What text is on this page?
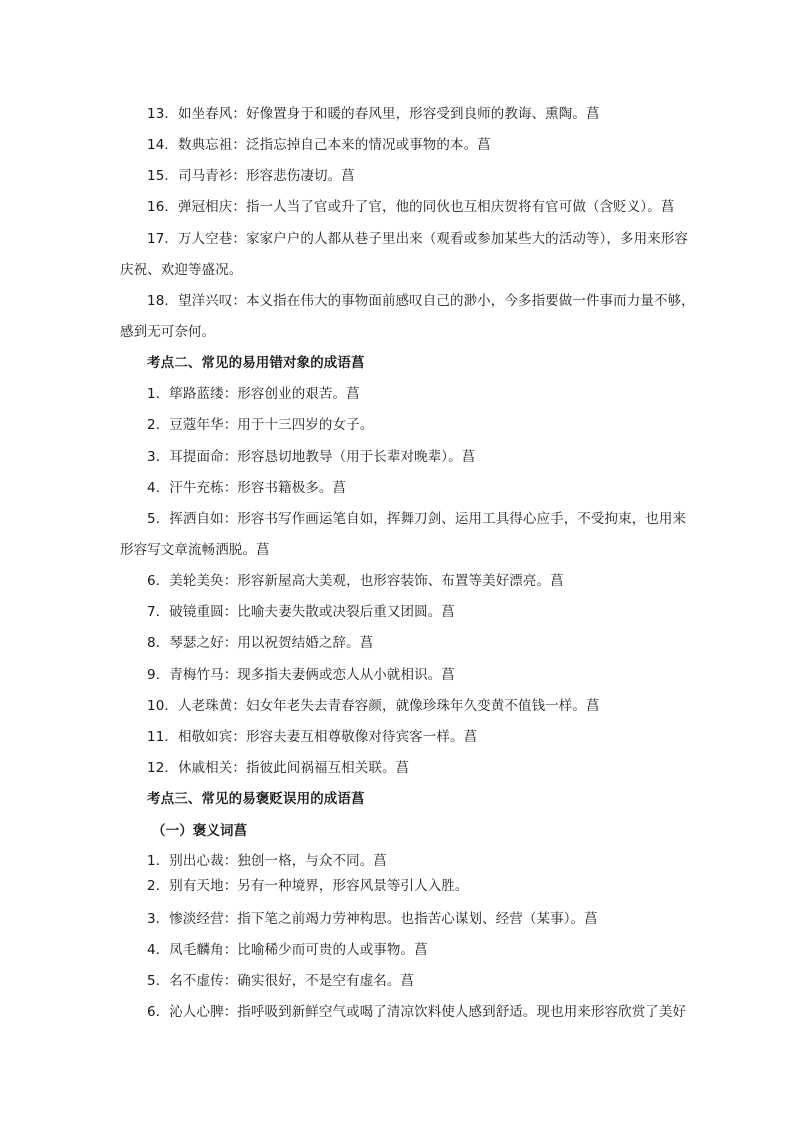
13．如坐春风：好像置身于和暖的春风里，形容受到良师的教诲、熏陶。菖
14．数典忘祖：泛指忘掉自己本来的情况或事物的本。菖
15．司马青衫：形容悲伤凄切。菖
16．弹冠相庆：指一人当了官或升了官，他的同伙也互相庆贺将有官可做（含贬义）。菖
17．万人空巷：家家户户的人都从巷子里出来（观看或参加某些大的活动等），多用来形容
庆祝、欢迎等盛况。
18．望洋兴叹：本义指在伟大的事物面前感叹自己的渺小，今多指要做一件事而力量不够，
感到无可奈何。
考点二、常见的易用错对象的成语菖
1．筚路蓝缕：形容创业的艰苦。菖
2．豆蔻年华：用于十三四岁的女子。
3．耳提面命：形容恳切地教导（用于长辈对晚辈）。菖
4．汗牛充栋：形容书籍极多。菖
5．挥洒自如：形容书写作画运笔自如，挥舞刀剑、运用工具得心应手，不受拘束，也用来
形容写文章流畅洒脱。菖
6．美轮美奂：形容新屋高大美观，也形容装饰、布置等美好漂亮。菖
7．破镜重圆：比喻夫妻失散或决裂后重又团圆。菖
8．琴瑟之好：用以祝贺结婚之辞。菖
9．青梅竹马：现多指夫妻俩或恋人从小就相识。菖
10．人老珠黄：妇女年老失去青春容颜，就像珍珠年久变黄不值钱一样。菖
11．相敬如宾：形容夫妻互相尊敬像对待宾客一样。菖
12．休戚相关：指彼此间祸福互相关联。菖
考点三、常见的易褒贬误用的成语菖
（一）褒义词菖
1．别出心裁：独创一格，与众不同。菖
2．别有天地：另有一种境界，形容风景等引人入胜。
3．惨淡经营：指下笔之前竭力劳神构思。也指苦心谋划、经营（某事）。菖
4．凤毛麟角：比喻稀少而可贵的人或事物。菖
5．名不虚传：确实很好，不是空有虚名。菖
6．沁人心脾：指呼吸到新鲜空气或喝了清凉饮料使人感到舒适。现也用来形容欣赏了美好
